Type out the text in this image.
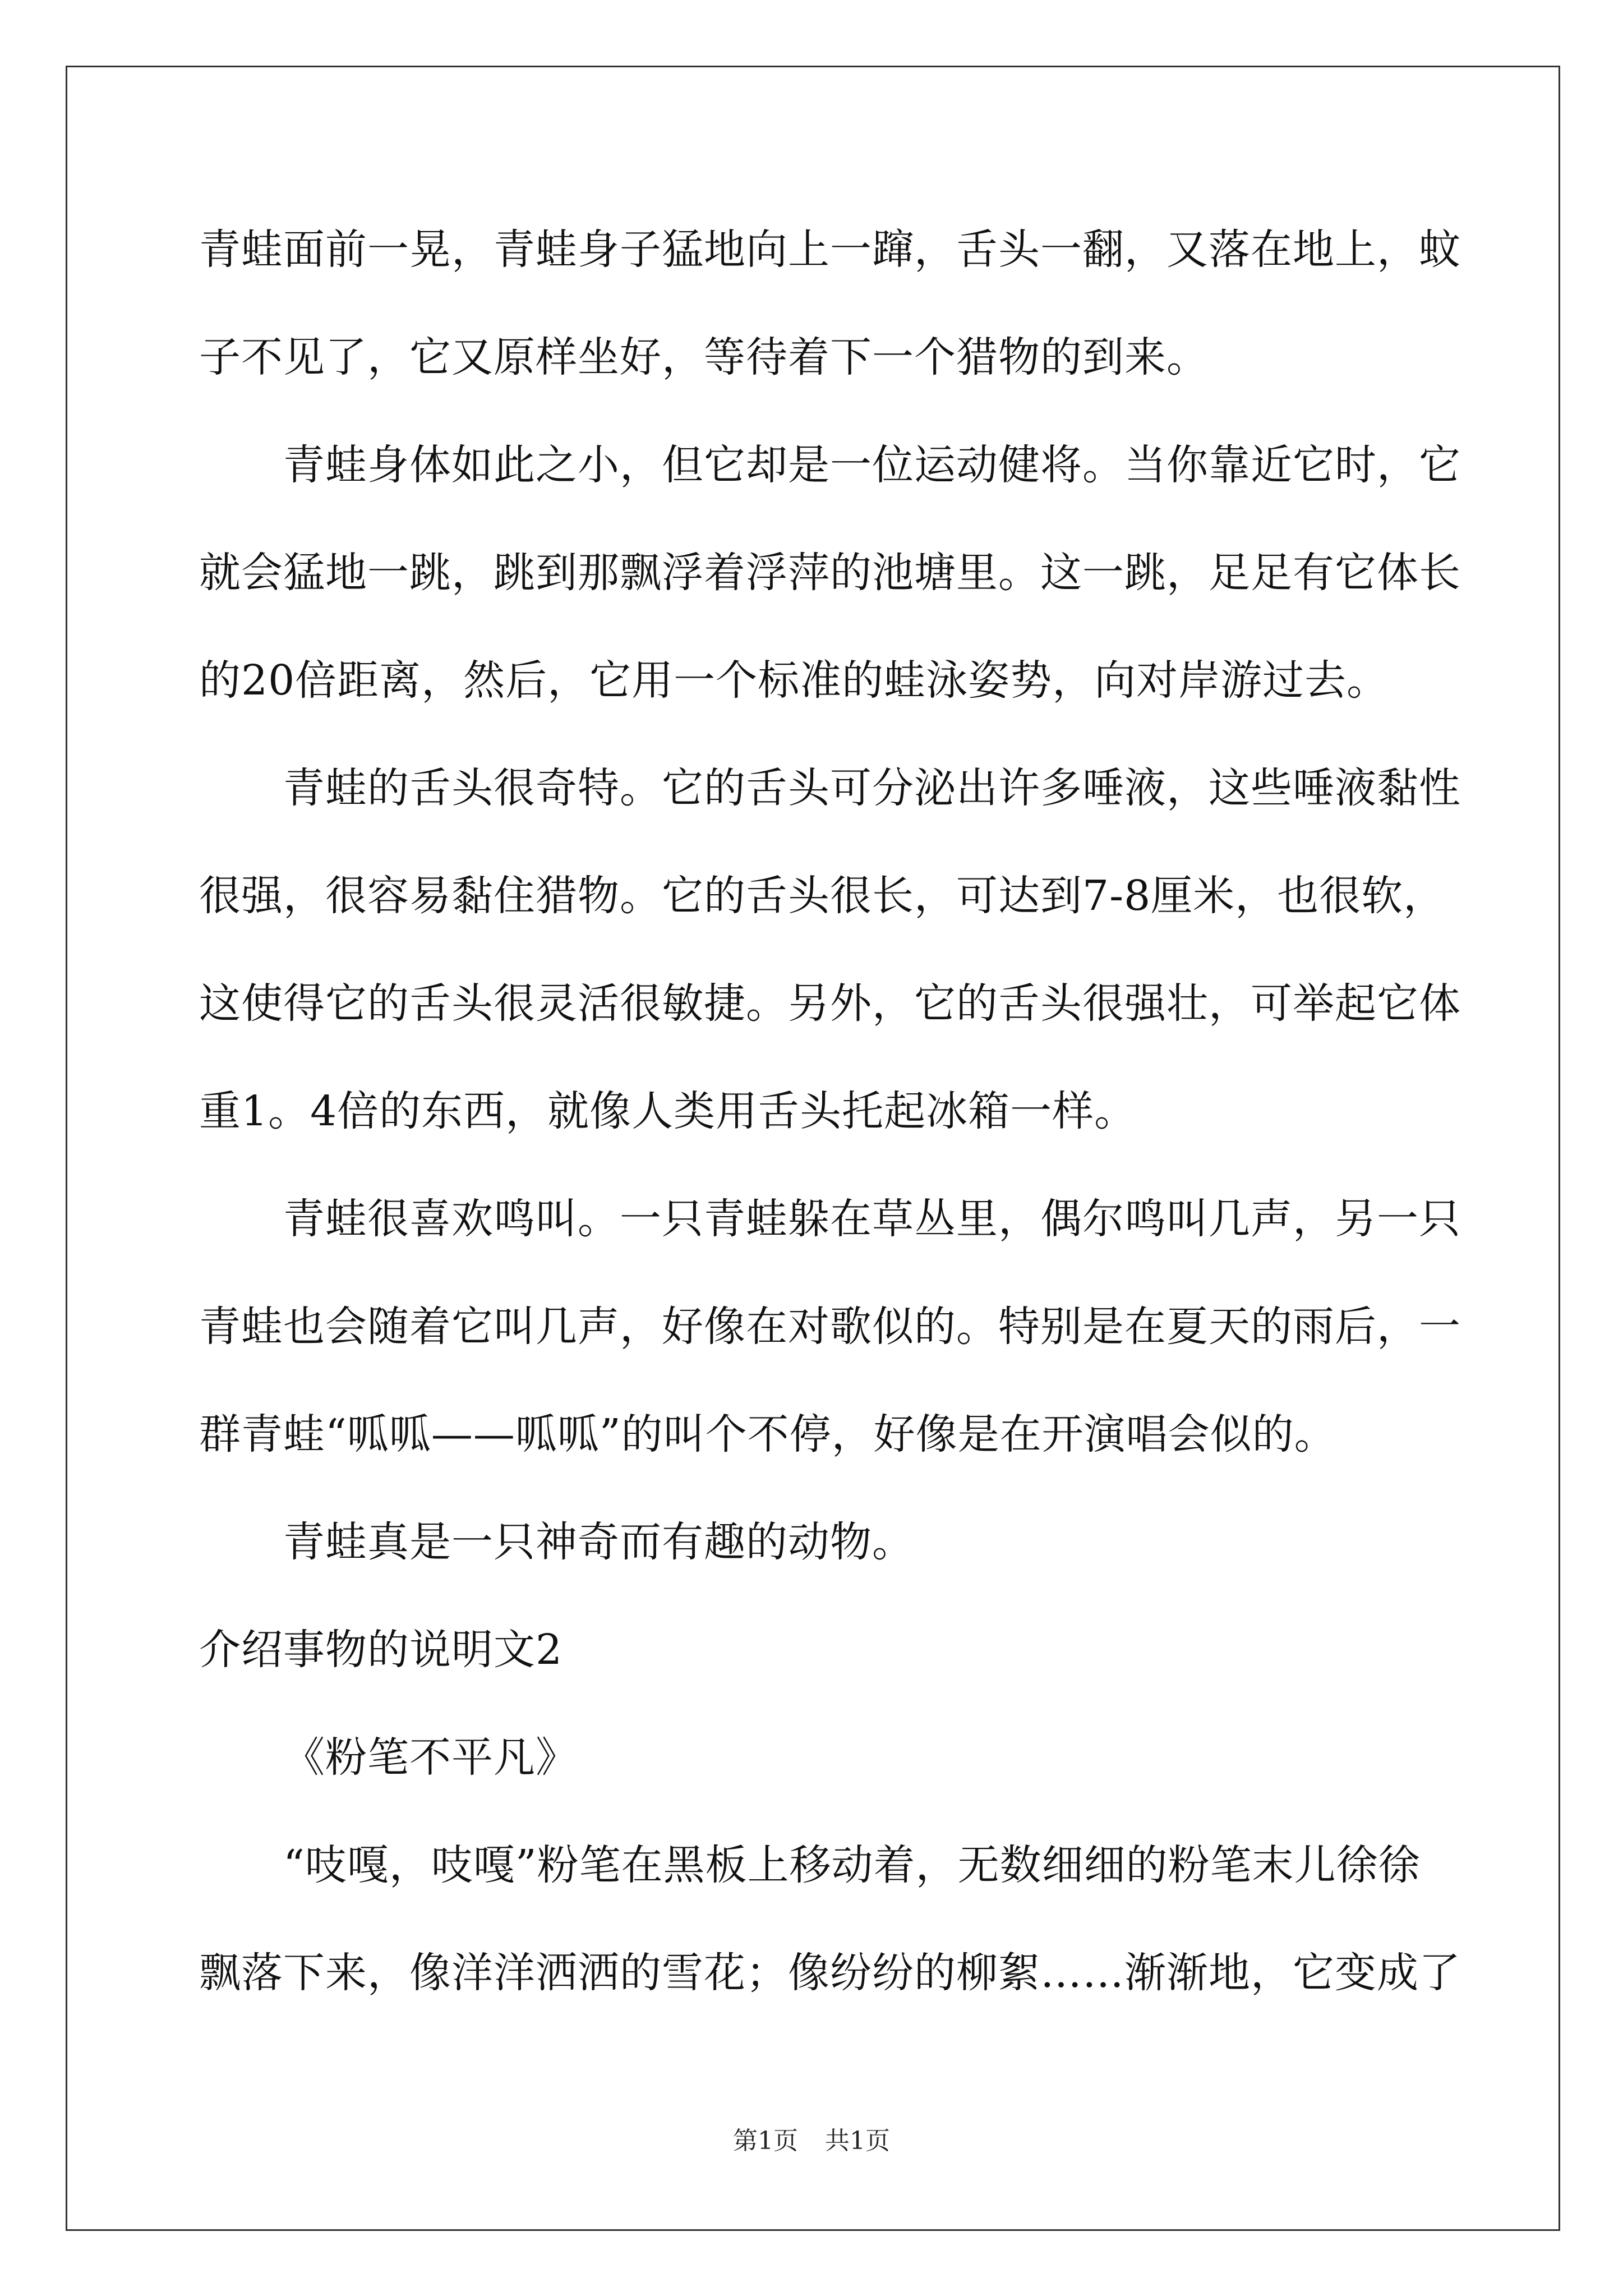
青蛙面前一晃，青蛙身子猛地向上一蹿，舌头一翻，又落在地上，蚊
子不见了，它又原样坐好，等待着下一个猎物的到来。
青蛙身体如此之小，但它却是一位运动健将。当你靠近它时，它
就会猛地一跳，跳到那飘浮着浮萍的池塘里。这一跳，足足有它体长
的20倍距离，然后，它用一个标准的蛙泳姿势，向对岸游过去。
青蛙的舌头很奇特。它的舌头可分泌出许多唾液，这些唾液黏性
很强，很容易黏住猎物。它的舌头很长，可达到7-8厘米，也很软，
这使得它的舌头很灵活很敏捷。另外，它的舌头很强壮，可举起它体
重1。4倍的东西，就像人类用舌头托起冰箱一样。
青蛙很喜欢鸣叫。一只青蛙躲在草丛里，偶尔鸣叫几声，另一只
青蛙也会随着它叫几声，好像在对歌似的。特别是在夏天的雨后，一
群青蛙“呱呱——呱呱”的叫个不停，好像是在开演唱会似的。
青蛙真是一只神奇而有趣的动物。
介绍事物的说明文2
《粉笔不平凡》
“吱嘎，吱嘎”粉笔在黑板上移动着，无数细细的粉笔末儿徐徐
飘落下来，像洋洋洒洒的雪花；像纷纷的柳絮……渐渐地，它变成了
第1页 共1页
